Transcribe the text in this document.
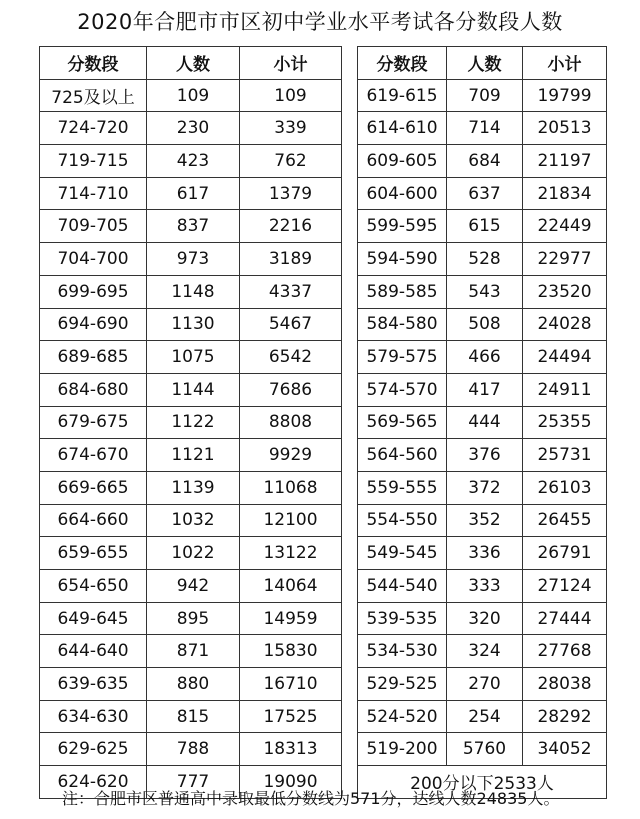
2020年合肥市市区初中学业水平考试各分数段人数
分数段	人数	小计
725及以上	109	109
724-720	230	339
719-715	423	762
714-710	617	1379
709-705	837	2216
704-700	973	3189
699-695	1148	4337
694-690	1130	5467
689-685	1075	6542
684-680	1144	7686
679-675	1122	8808
674-670	1121	9929
669-665	1139	11068
664-660	1032	12100
659-655	1022	13122
654-650	942	14064
649-645	895	14959
644-640	871	15830
639-635	880	16710
634-630	815	17525
629-625	788	18313
624-620	777	19090
分数段	人数	小计
619-615	709	19799
614-610	714	20513
609-605	684	21197
604-600	637	21834
599-595	615	22449
594-590	528	22977
589-585	543	23520
584-580	508	24028
579-575	466	24494
574-570	417	24911
569-565	444	25355
564-560	376	25731
559-555	372	26103
554-550	352	26455
549-545	336	26791
544-540	333	27124
539-535	320	27444
534-530	324	27768
529-525	270	28038
524-520	254	28292
519-200	5760	34052
200分以下2533人		
注：合肥市区普通高中录取最低分数线为571分，达线人数24835人。
